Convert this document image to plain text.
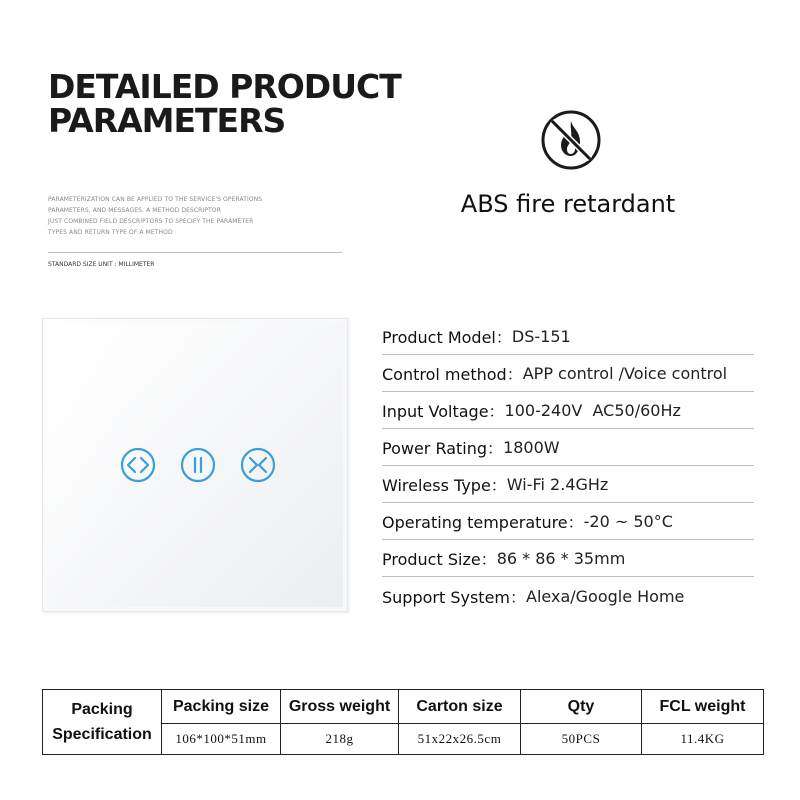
DETAILED PRODUCT
PARAMETERS
PARAMETERIZATION CAN BE APPLIED TO THE SERVICE'S OPERATIONS
PARAMETERS, AND MESSAGES. A METHOD DESCRIPTOR
JUST COMBINED FIELD DESCRIPTORS TO SPECIFY THE PARAMETER
TYPES AND RETURN TYPE OF A METHOD
STANDARD SIZE UNIT : MILLIMETER
ABS fire retardant
Product Model： DS-151
Control method： APP control /Voice control
Input Voltage： 100-240V  AC50/60Hz
Power Rating： 1800W
Wireless Type： Wi-Fi 2.4GHz
Operating temperature： -20 ~ 50°C
Product Size： 86 * 86 * 35mm
Support System： Alexa/Google Home
Packing
Specification	Packing size	Gross weight	Carton size	Qty	FCL weight
	106*100*51mm	218g	51x22x26.5cm	50PCS	11.4KG
